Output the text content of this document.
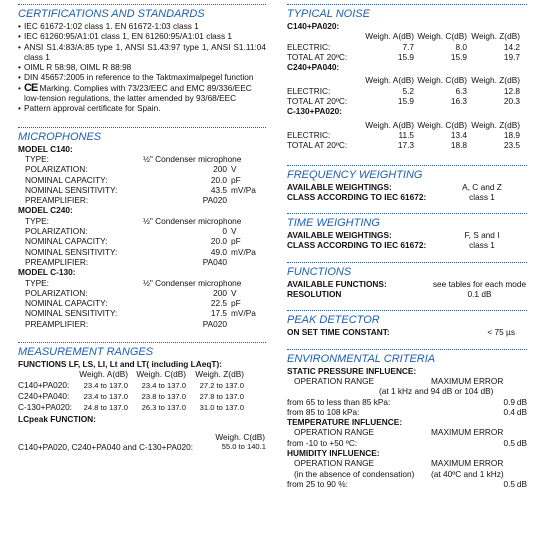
CERTIFICATIONS AND STANDARDS
• IEC 61672-1:02 class 1. EN 61672-1:03 class 1
• IEC 61260:95/A1:01 class 1, EN 61260:95/A1:01 class 1
• ANSI S1.4:83/A:85 type 1, ANSI S1.43:97 type 1, ANSI S1.11:04 class 1
• OIML R 58:98, OIML R 88:98
• DIN 45657:2005 in reference to the Taktmaximalpegel function
• CE Marking. Complies with 73/23/EEC and EMC 89/336/EEC low-tension regulations, the latter amended by 93/68/EEC
• Pattern approval certificate for Spain.
MICROPHONES
MODEL C140:
TYPE:	½" Condenser microphone
POLARIZATION:	200 V
NOMINAL CAPACITY:	20.0 pF
NOMINAL SENSITIVITY:	43.5 mV/Pa
PREAMPLIFIER:	PA020
MODEL C240:
TYPE:	½" Condenser microphone
POLARIZATION:	0 V
NOMINAL CAPACITY:	20.0 pF
NOMINAL SENSITIVITY:	49.0 mV/Pa
PREAMPLIFIER:	PA040
MODEL C-130:
TYPE:	½" Condenser microphone
POLARIZATION:	200 V
NOMINAL CAPACITY:	22.5 pF
NOMINAL SENSITIVITY:	17.5 mV/Pa
PREAMPLIFIER:	PA020
MEASUREMENT RANGES
FUNCTIONS LF, LS, LI, Lt and LT( including LAeqT):
Weigh. A(dB)	Weigh. C(dB)	Weigh. Z(dB)
C140+PA020:	23.4 to 137.0	23.4 to 137.0	27.2 to 137.0
C240+PA040:	23.4 to 137.0	23.8 to 137.0	27.8 to 137.0
C-130+PA020:	24.8 to 137.0	26.3 to 137.0	31.0 to 137.0
LCpeak FUNCTION:
Weigh. C(dB)
C140+PA020, C240+PA040 and C-130+PA020:	55.0 to 140.1
TYPICAL NOISE
C140+PA020:
Weigh. A(dB) Weigh. C(dB) Weigh. Z(dB)
ELECTRIC:	7.7	8.0	14.2
TOTAL AT 20ºC:	15.9	15.9	19.7
C240+PA040:
Weigh. A(dB) Weigh. C(dB) Weigh. Z(dB)
ELECTRIC:	5.2	6.3	12.8
TOTAL AT 20ºC:	15.9	16.3	20.3
C-130+PA020:
Weigh. A(dB) Weigh. C(dB) Weigh. Z(dB)
ELECTRIC:	11.5	13.4	18.9
TOTAL AT 20ºC:	17.3	18.8	23.5
FREQUENCY WEIGHTING
AVAILABLE WEIGHTINGS:	A, C and Z
CLASS ACCORDING TO IEC 61672:	class 1
TIME WEIGHTING
AVAILABLE WEIGHTINGS:	F, S and I
CLASS ACCORDING TO IEC 61672:	class 1
FUNCTIONS
AVAILABLE FUNCTIONS:	see tables for each mode
RESOLUTION	0.1 dB
PEAK DETECTOR
ON SET TIME CONSTANT:	< 75 µs
ENVIRONMENTAL CRITERIA
STATIC PRESSURE INFLUENCE:
OPERATION RANGE	MAXIMUM ERROR
(at 1 kHz and 94 dB or 104 dB)
from 65 to less than 85 kPa:	0.9 dB
from 85 to 108 kPa:	0.4 dB
TEMPERATURE INFLUENCE:
OPERATION RANGE	MAXIMUM ERROR
from -10 to +50 ºC:	0.5 dB
HUMIDITY INFLUENCE:
OPERATION RANGE	MAXIMUM ERROR
(in the absence of condensation)	(at 40ºC and 1 kHz)
from 25 to 90 %:	0.5 dB
